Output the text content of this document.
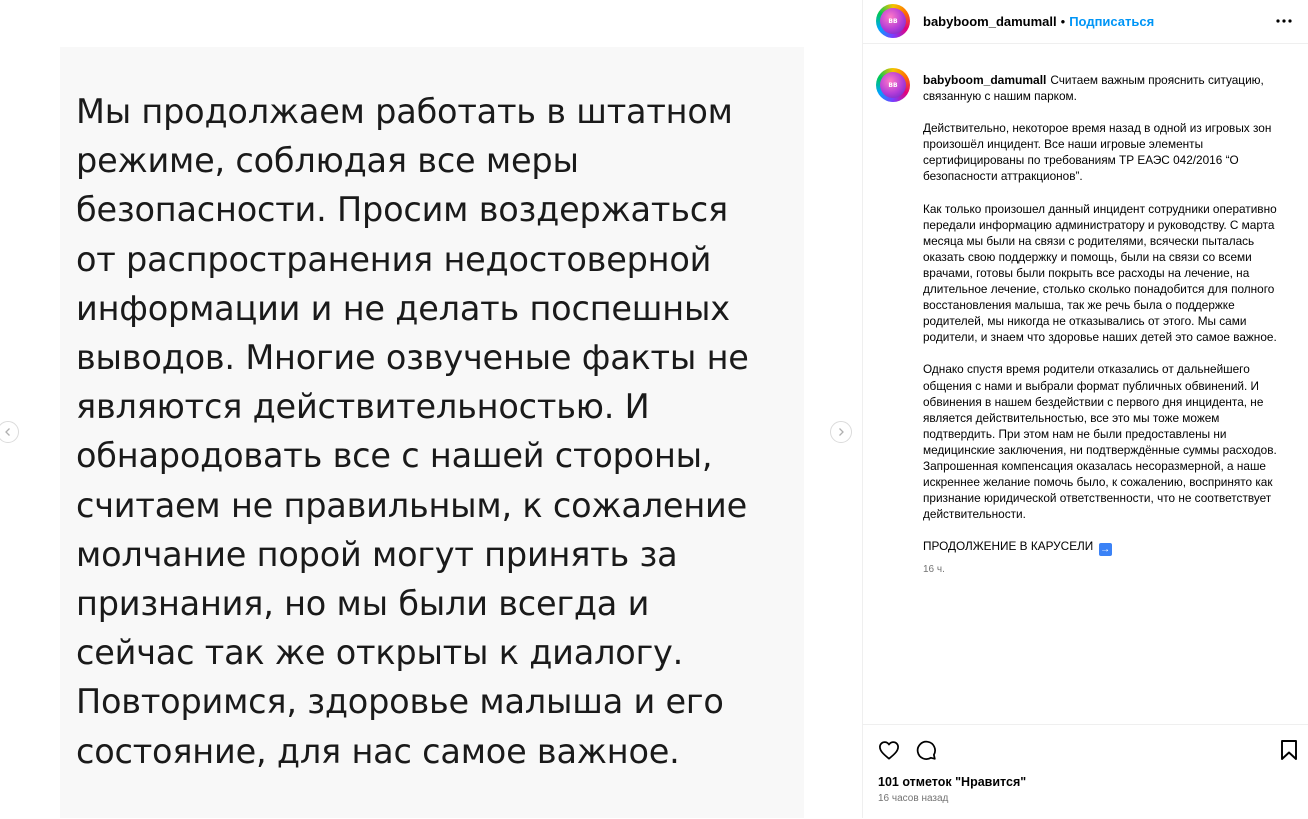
Мы продолжаем работать в штатном
режиме, соблюдая все меры
безопасности. Просим воздержаться
от распространения недостоверной
информации и не делать поспешных
выводов. Многие озвученые факты не
являются действительностью. И
обнародовать все с нашей стороны,
считаем не правильным, к сожаление
молчание порой могут принять за
признания, но мы были всегда и
сейчас так же открыты к диалогу.
Повторимся, здоровье малыша и его
состояние, для нас самое важное.
BB	babyboom_damumall • Подписаться
BB	babyboom_damumall Считаем важным прояснить ситуацию, связанную с нашим парком.

Действительно, некоторое время назад в одной из игровых зон произошёл инцидент. Все наши игровые элементы сертифицированы по требованиям ТР ЕАЭС 042/2016 “О безопасности аттракционов”.

Как только произошел данный инцидент сотрудники оперативно передали информацию администратору и руководству. С марта месяца мы были на связи с родителями, всячески пыталась оказать свою поддержку и помощь, были на связи со всеми врачами, готовы были покрыть все расходы на лечение, на длительное лечение, столько сколько понадобится для полного восстановления малыша, так же речь была о поддержке родителей, мы никогда не отказывались от этого. Мы сами родители, и знаем что здоровье наших детей это самое важное.

Однако спустя время родители отказались от дальнейшего общения с нами и выбрали формат публичных обвинений. И обвинения в нашем бездействии с первого дня инцидента, не является действительностью, все это мы тоже можем подтвердить. При этом нам не были предоставлены ни медицинские заключения, ни подтверждённые суммы расходов. Запрошенная компенсация оказалась несоразмерной, а наше искреннее желание помочь было, к сожалению, воспринято как признание юридической ответственности, что не соответствует действительности.

ПРОДОЛЖЕНИЕ В КАРУСЕЛИ →

16 ч.
101 отметок "Нравится"
16 часов назад
